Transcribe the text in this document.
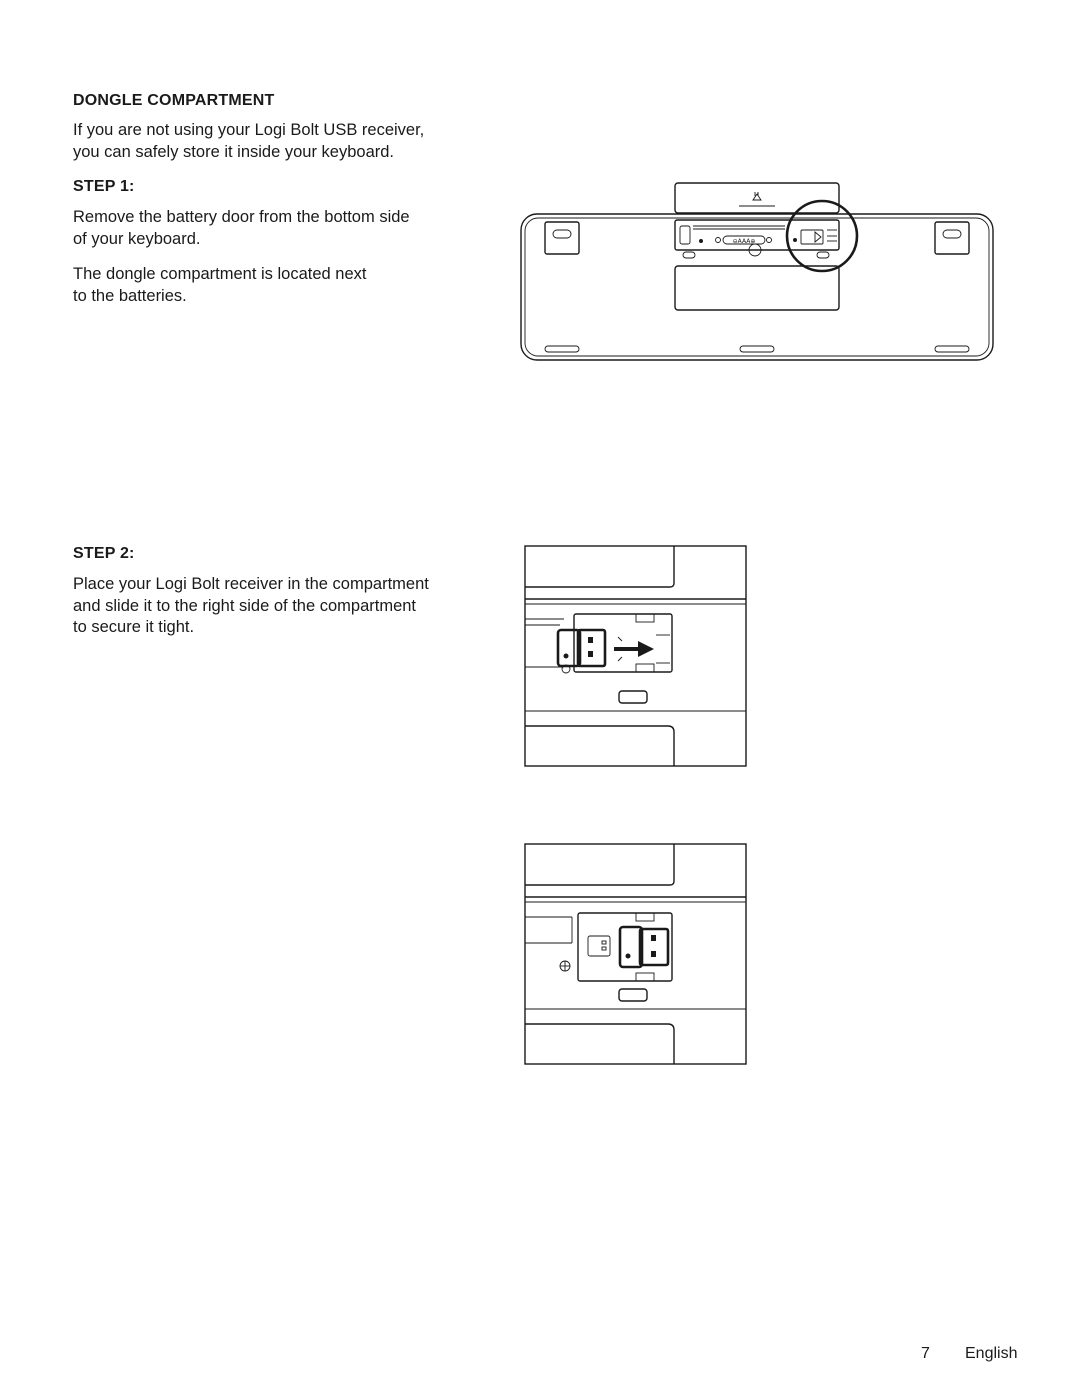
DONGLE COMPARTMENT
If you are not using your Logi Bolt USB receiver,
you can safely store it inside your keyboard.
STEP 1:
Remove the battery door from the bottom side
of your keyboard.
The dongle compartment is located next
to the batteries.
STEP 2:
Place your Logi Bolt receiver in the compartment
and slide it to the right side of the compartment
to secure it tight.
⊖AAA⊕
7 English
